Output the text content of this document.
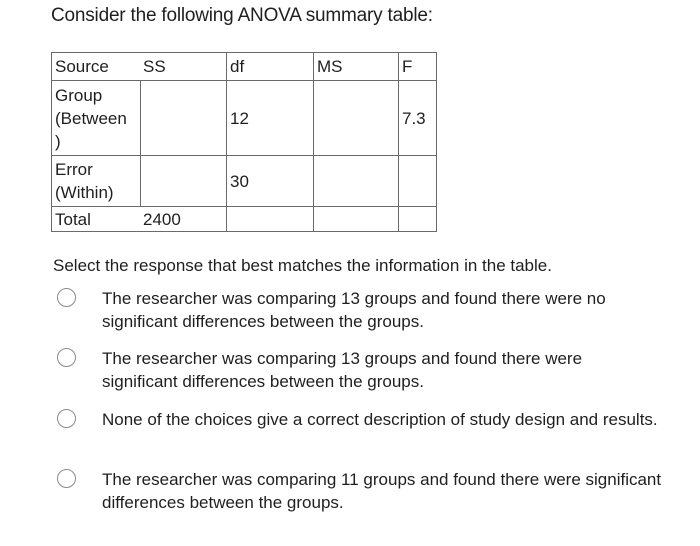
Consider the following ANOVA summary table:
Source	SS	df	MS	F
Group (Between )		12		7.3
Error (Within)		30		
Total	2400			
Select the response that best matches the information in the table.
The researcher was comparing 13 groups and found there were no significant differences between the groups.
The researcher was comparing 13 groups and found there were significant differences between the groups.
None of the choices give a correct description of study design and results.
The researcher was comparing 11 groups and found there were significant differences between the groups.
